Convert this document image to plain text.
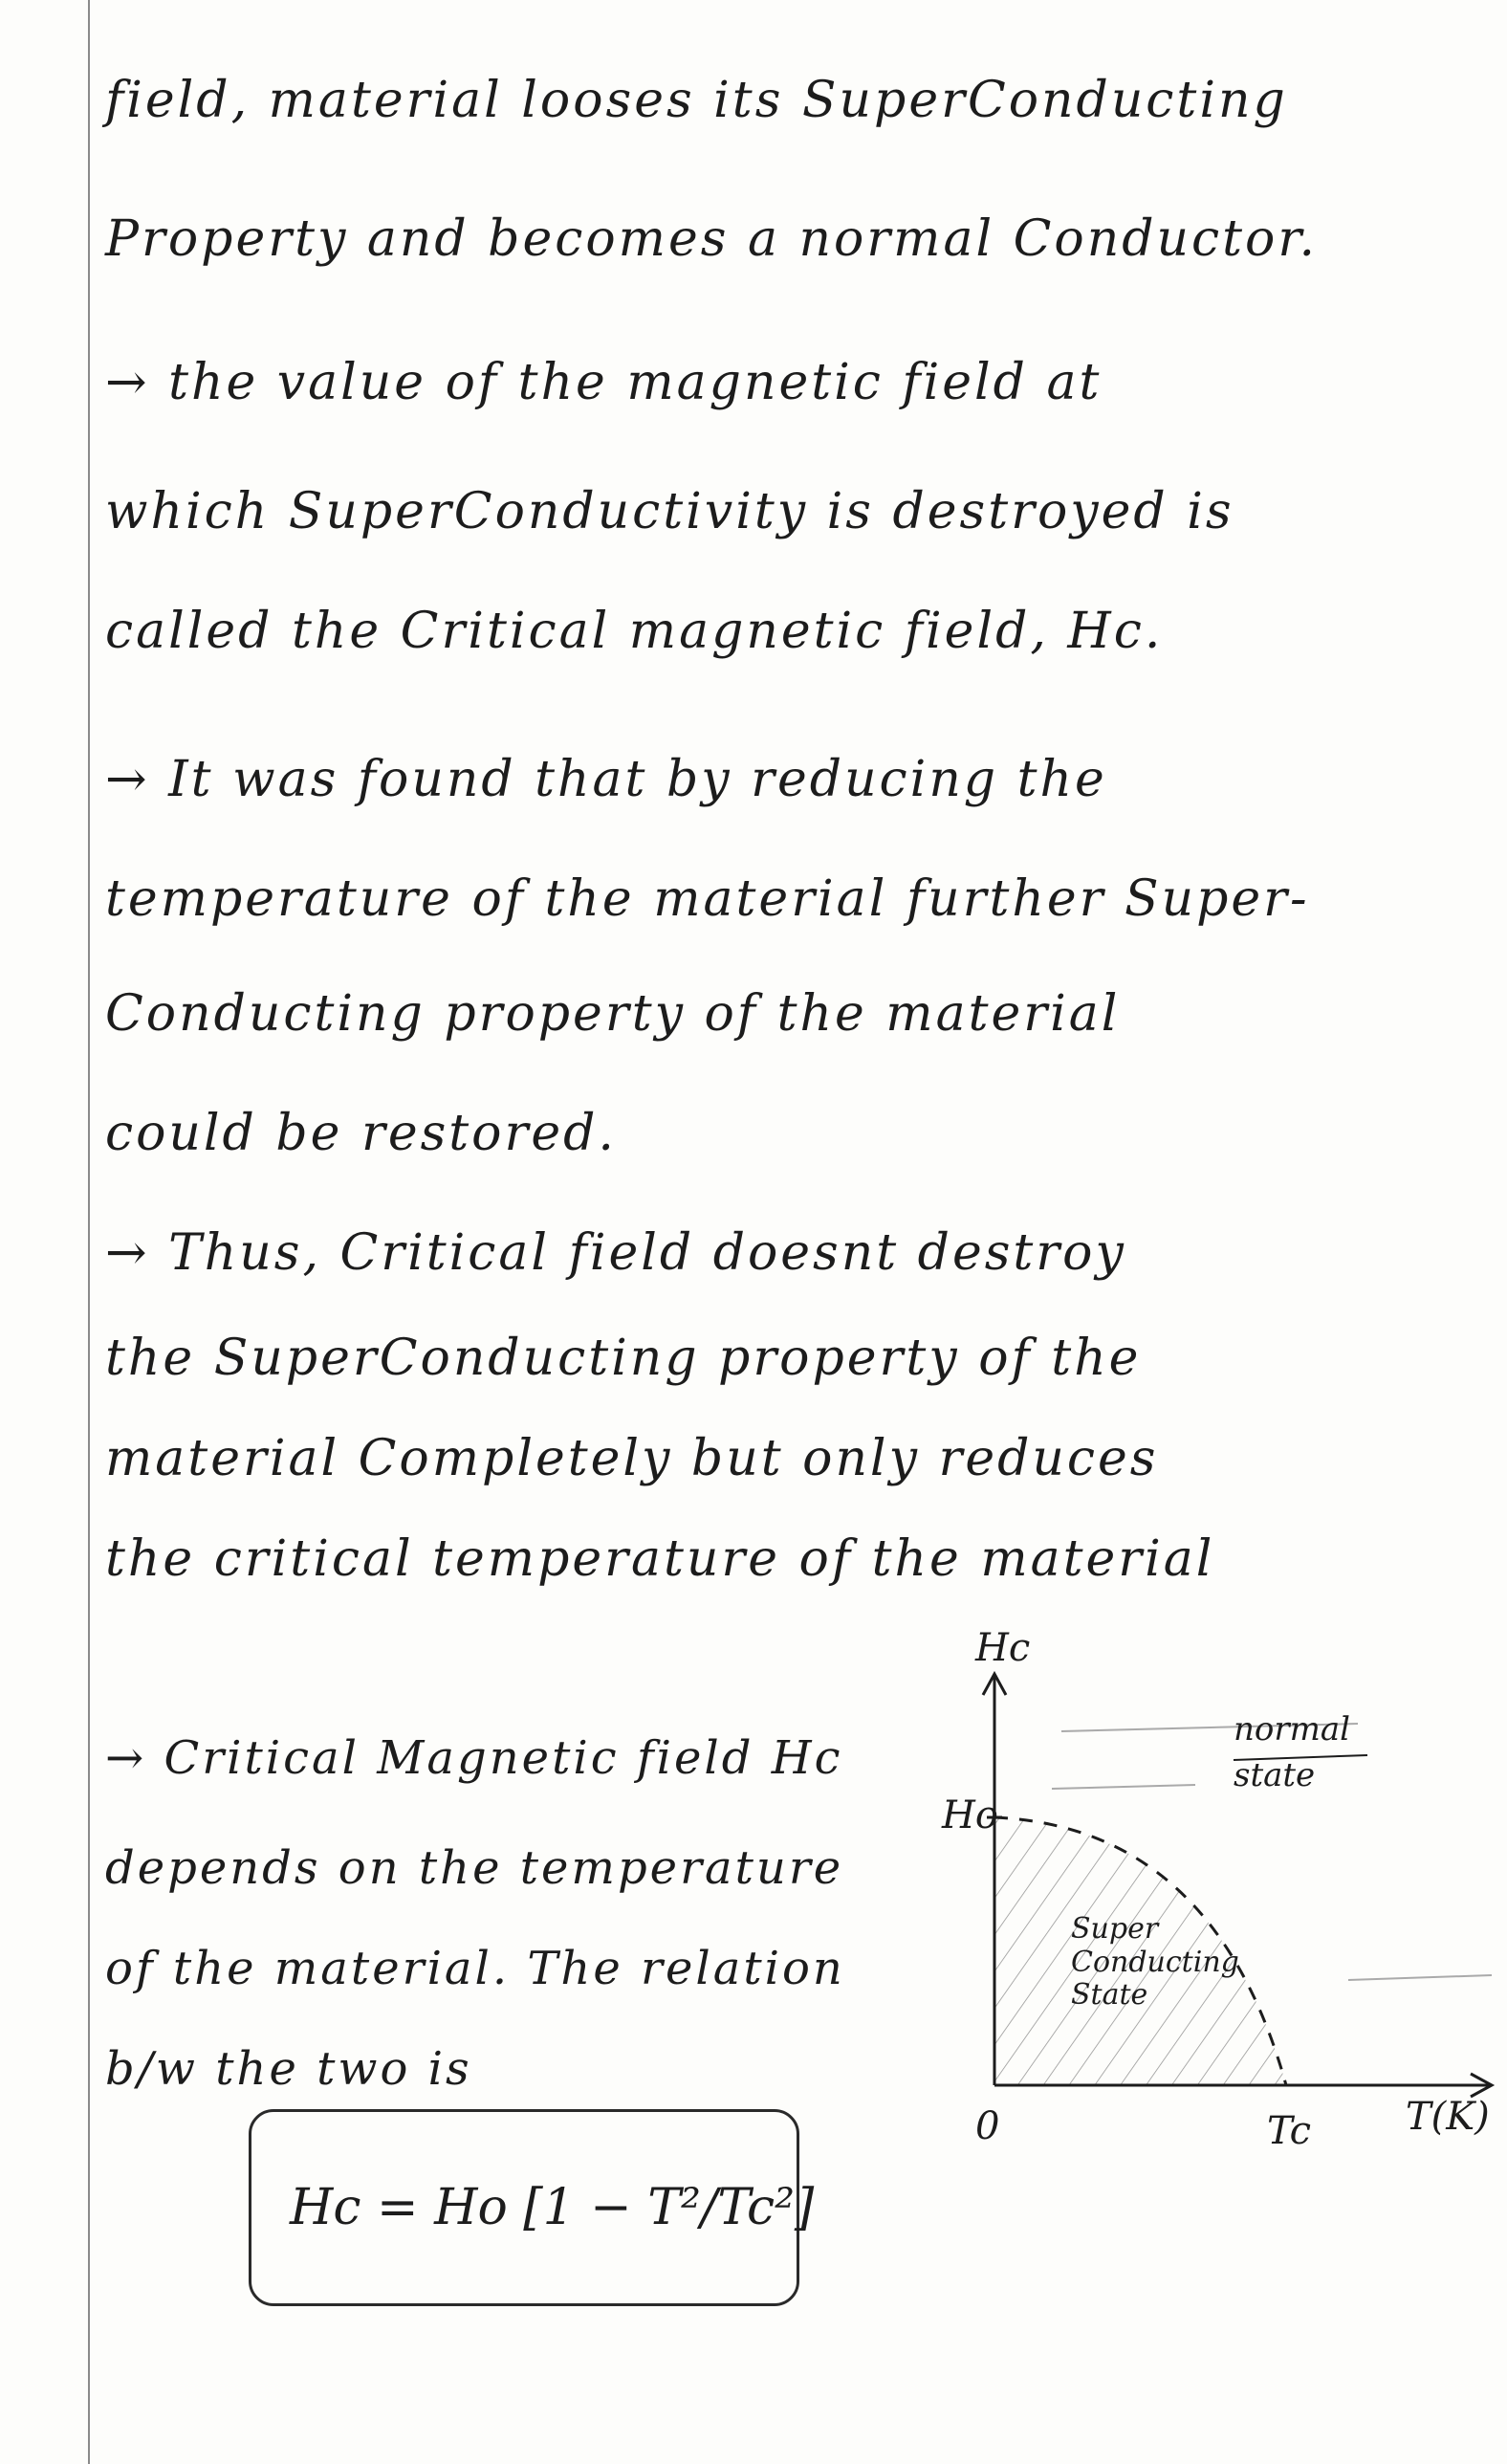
field, material looses its SuperConducting
Property and becomes a normal Conductor.
→ the value of the magnetic field at
which SuperConductivity is destroyed is
called the Critical magnetic field, Hc.
→ It was found that by reducing the
temperature of the material further Super-
Conducting property of the material
could be restored.
→ Thus, Critical field doesnt destroy
the SuperConducting property of the
material Completely but only reduces
the critical temperature of the material
→ Critical Magnetic field Hc
depends on the temperature
of the material. The relation
b/w the two is
Hc = Ho [1 − T²/Tc²]
Hc
Ho
0	Tc T(K)
normal state
Super Conducting State
